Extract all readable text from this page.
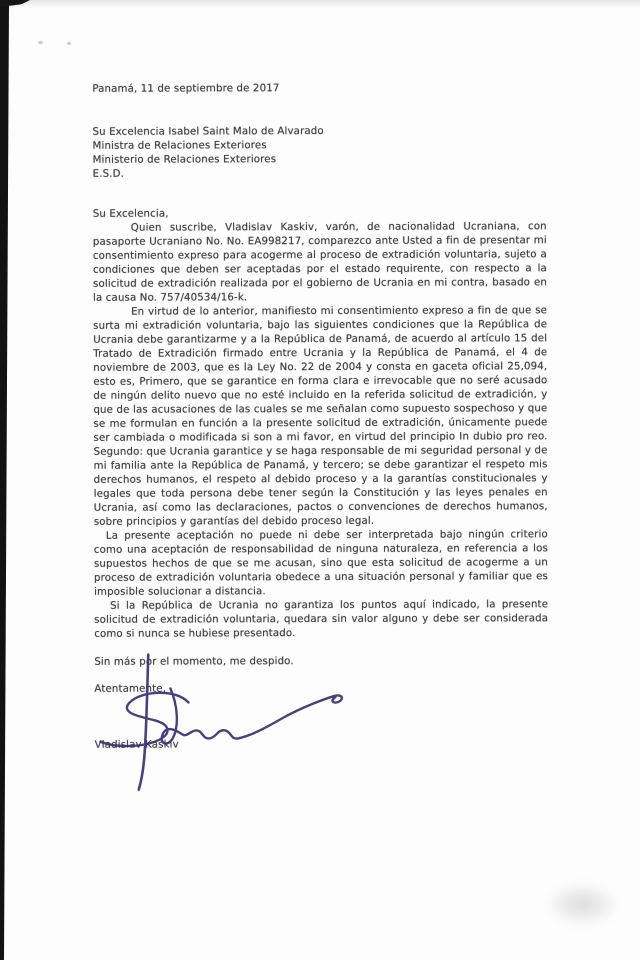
Panamá, 11 de septiembre de 2017
Su Excelencia Isabel Saint Malo de Alvarado
Ministra de Relaciones Exteriores
Ministerio de Relaciones Exteriores
E.S.D.
Su Excelencia,

Quien suscribe, Vladislav Kaskiv, varón, de nacionalidad Ucraniana, con pasaporte Ucraniano No. No. EA998217, comparezco ante Usted a fin de presentar mi consentimiento expreso para acogerme al proceso de extradición voluntaria, sujeto a condiciones que deben ser aceptadas por el estado requirente, con respecto a la solicitud de extradición realizada por el gobierno de Ucrania en mi contra, basado en la causa No. 757/40534/16-k.

En virtud de lo anterior, manifiesto mi consentimiento expreso a fin de que se surta mi extradición voluntaria, bajo las siguientes condiciones que la República de Ucrania debe garantizarme y a la República de Panamá, de acuerdo al artículo 15 del Tratado de Extradición firmado entre Ucrania y la República de Panamá, el 4 de noviembre de 2003, que es la Ley No. 22 de 2004 y consta en gaceta oficial 25,094, esto es, Primero, que se garantice en forma clara e irrevocable que no seré acusado de ningún delito nuevo que no esté incluido en la referida solicitud de extradición, y que de las acusaciones de las cuales se me señalan como supuesto sospechoso y que se me formulan en función a la presente solicitud de extradición, únicamente puede ser cambiada o modificada si son a mi favor, en virtud del principio In dubio pro reo. Segundo: que Ucrania garantice y se haga responsable de mi seguridad personal y de mi familia ante la República de Panamá, y tercero; se debe garantizar el respeto mis derechos humanos, el respeto al debido proceso y a la garantías constitucionales y legales que toda persona debe tener según la Constitución y las leyes penales en Ucrania, así como las declaraciones, pactos o convenciones de derechos humanos, sobre principios y garantías del debido proceso legal.

La presente aceptación no puede ni debe ser interpretada bajo ningún criterio como una aceptación de responsabilidad de ninguna naturaleza, en referencia a los supuestos hechos de que se me acusan, sino que esta solicitud de acogerme a un proceso de extradición voluntaria obedece a una situación personal y familiar que es imposible solucionar a distancia.

Si la República de Ucrania no garantiza los puntos aquí indicado, la presente solicitud de extradición voluntaria, quedara sin valor alguno y debe ser considerada como si nunca se hubiese presentado.

Sin más por el momento, me despido.
Atentamente,
Vladislav Kaskiv
